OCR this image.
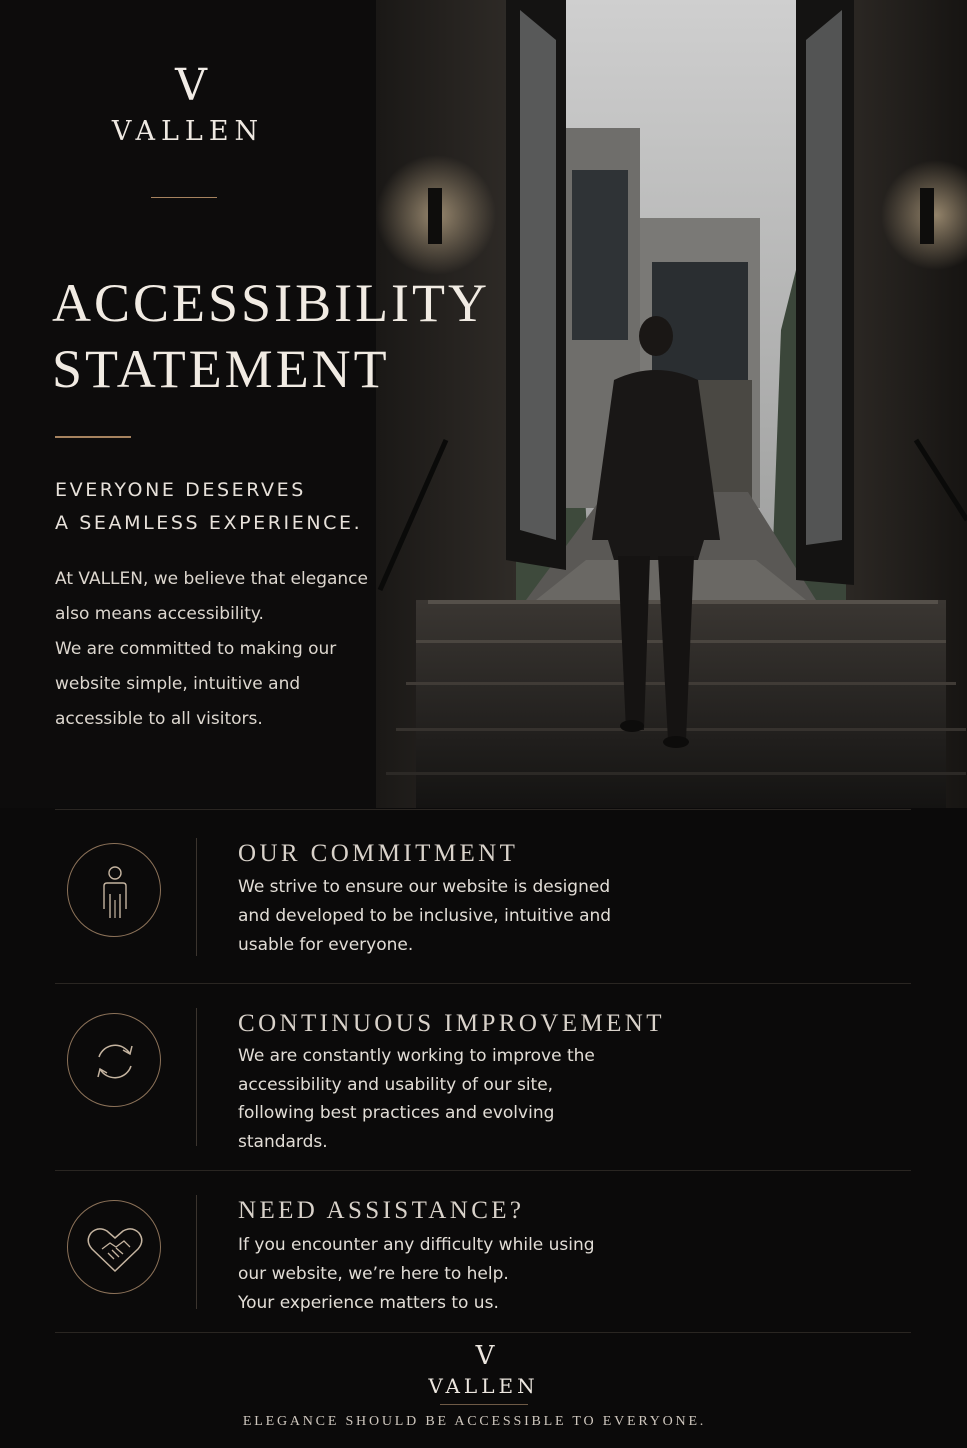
V
VALLEN
ACCESSIBILITY
STATEMENT

EVERYONE DESERVES
A SEAMLESS EXPERIENCE.

At VALLEN, we believe that elegance
also means accessibility.
We are committed to making our
website simple, intuitive and
accessible to all visitors.

OUR COMMITMENT

We strive to ensure our website is designed
and developed to be inclusive, intuitive and
usable for everyone.

CONTINUOUS IMPROVEMENT

We are constantly working to improve the
accessibility and usability of our site,
following best practices and evolving
standards.

NEED ASSISTANCE?

If you encounter any difficulty while using
our website, we’re here to help.
Your experience matters to us.

V
VALLEN

ELEGANCE SHOULD BE ACCESSIBLE TO EVERYONE.
